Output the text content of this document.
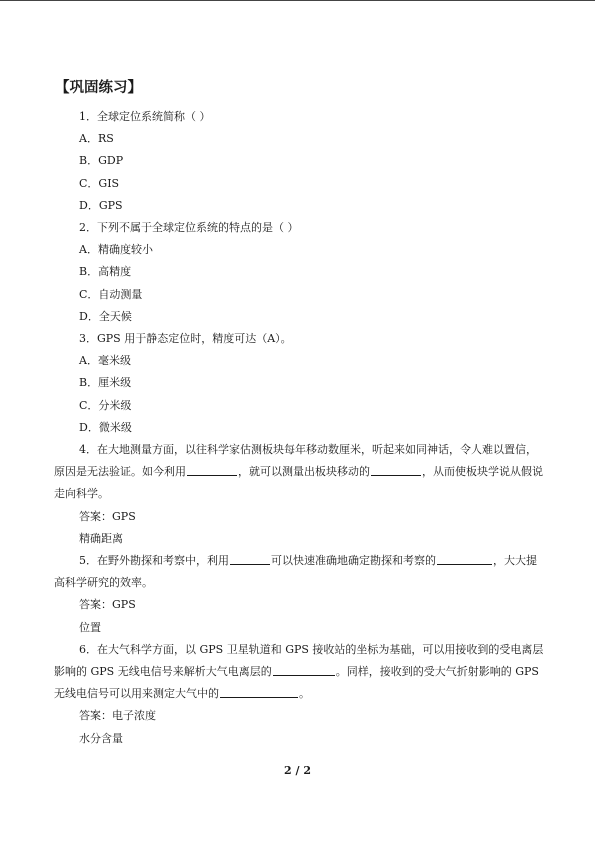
【巩固练习】
1．全球定位系统简称（ ）
A．RS
B．GDP
C．GIS
D．GPS
2．下列不属于全球定位系统的特点的是（ ）
A．精确度较小
B．高精度
C．自动测量
D．全天候
3．GPS 用于静态定位时，精度可达（A）。
A．毫米级
B．厘米级
C．分米级
D．微米级
4．在大地测量方面，以往科学家估测板块每年移动数厘米，听起来如同神话，令人难以置信，原因是无法验证。如今利用	，就可以测量出板块移动的	，从而使板块学说从假说走向科学。
答案：GPS
精确距离
5．在野外勘探和考察中，利用	可以快速准确地确定勘探和考察的	，大大提高科学研究的效率。
答案：GPS
位置
6．在大气科学方面，以 GPS 卫星轨道和 GPS 接收站的坐标为基础，可以用接收到的受电离层影响的 GPS 无线电信号来解析大气电离层的	。同样，接收到的受大气折射影响的 GPS 无线电信号可以用来测定大气中的	。
答案：电子浓度
水分含量
2 / 2
